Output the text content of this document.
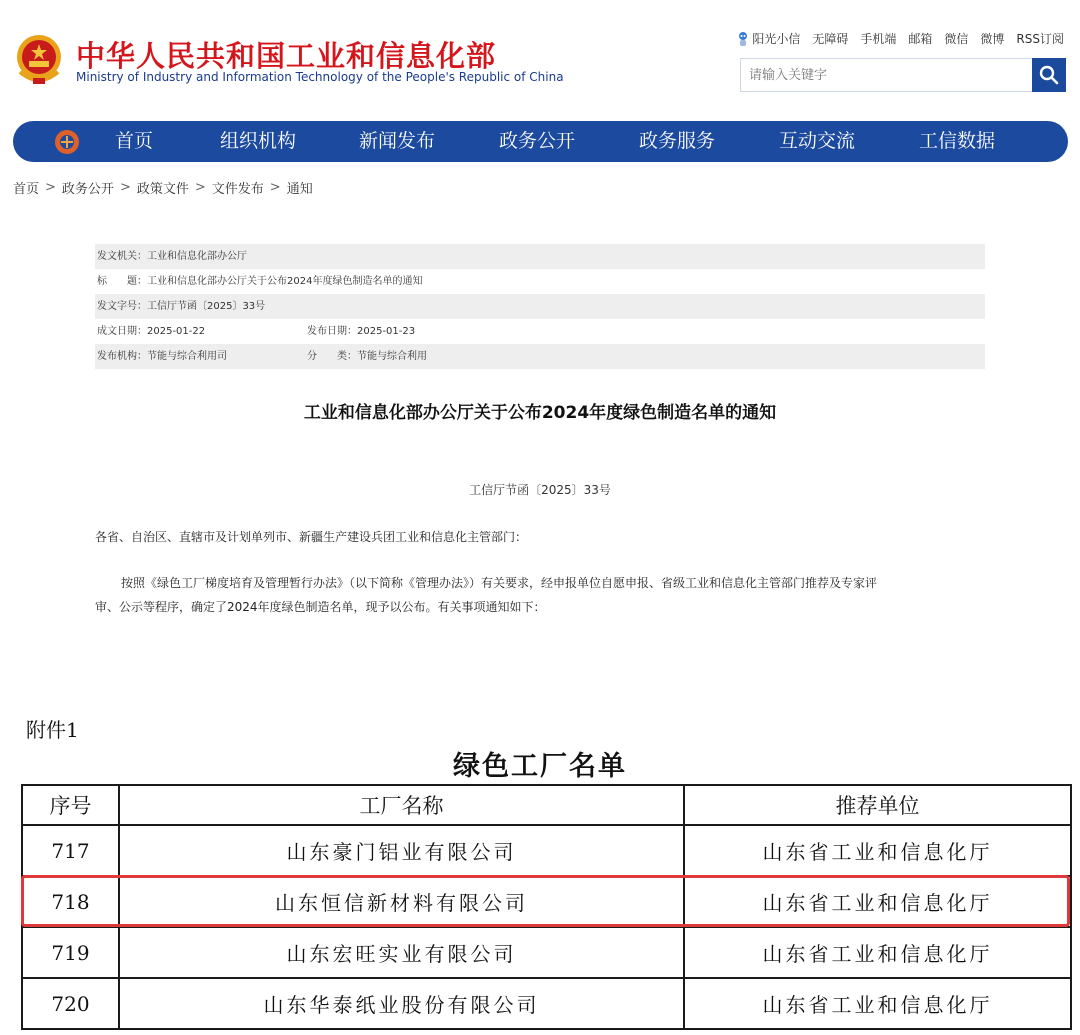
中华人民共和国工业和信息化部
Ministry of Industry and Information Technology of the People's Republic of China
阳光小信 无障碍 手机端 邮箱 微信 微博 RSS订阅
请输入关键字
首页	组织机构	新闻发布	政务公开	政务服务	互动交流	工信数据
首页 > 政务公开 > 政策文件 > 文件发布 > 通知
发文机关：工业和信息化部办公厅
标　　题：工业和信息化部办公厅关于公布2024年度绿色制造名单的通知
发文字号：工信厅节函〔2025〕33号
成文日期：2025-01-22	发布日期：2025-01-23
发布机构：节能与综合利用司	分　　类：节能与综合利用
工业和信息化部办公厅关于公布2024年度绿色制造名单的通知
工信厅节函〔2025〕33号
各省、自治区、直辖市及计划单列市、新疆生产建设兵团工业和信息化主管部门：
按照《绿色工厂梯度培育及管理暂行办法》（以下简称《管理办法》）有关要求，经申报单位自愿申报、省级工业和信息化主管部门推荐及专家评
审、公示等程序，确定了2024年度绿色制造名单，现予以公布。有关事项通知如下：
附件1
绿色工厂名单
序号	工厂名称	推荐单位
717	山东豪门铝业有限公司	山东省工业和信息化厅
718	山东恒信新材料有限公司	山东省工业和信息化厅
719	山东宏旺实业有限公司	山东省工业和信息化厅
720	山东华泰纸业股份有限公司	山东省工业和信息化厅
